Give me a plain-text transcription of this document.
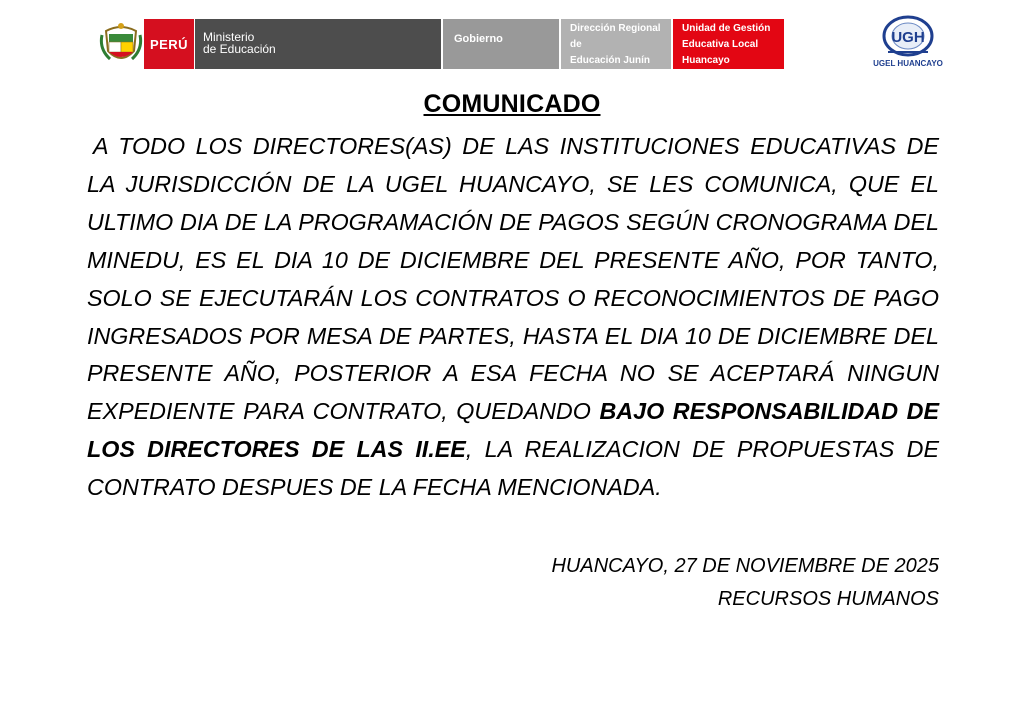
PERÚ Ministerio
de Educación
Gobierno
Dirección Regional
de
Educación Junín
Unidad de Gestión
Educativa Local
Huancayo
UGH
UGEL HUANCAYO
COMUNICADO
A TODO LOS DIRECTORES(AS) DE LAS INSTITUCIONES EDUCATIVAS DE LA JURISDICCIÓN DE LA UGEL HUANCAYO, SE LES COMUNICA, QUE EL ULTIMO DIA DE LA PROGRAMACIÓN DE PAGOS SEGÚN CRONOGRAMA DEL MINEDU, ES EL DIA 10 DE DICIEMBRE DEL PRESENTE AÑO, POR TANTO, SOLO SE EJECUTARÁN LOS CONTRATOS O RECONOCIMIENTOS DE PAGO INGRESADOS POR MESA DE PARTES, HASTA EL DIA 10 DE DICIEMBRE DEL PRESENTE AÑO, POSTERIOR A ESA FECHA NO SE ACEPTARÁ NINGUN EXPEDIENTE PARA CONTRATO, QUEDANDO BAJO RESPONSABILIDAD DE LOS DIRECTORES DE LAS II.EE, LA REALIZACION DE PROPUESTAS DE CONTRATO DESPUES DE LA FECHA MENCIONADA.
HUANCAYO, 27 DE NOVIEMBRE DE 2025
RECURSOS HUMANOS
